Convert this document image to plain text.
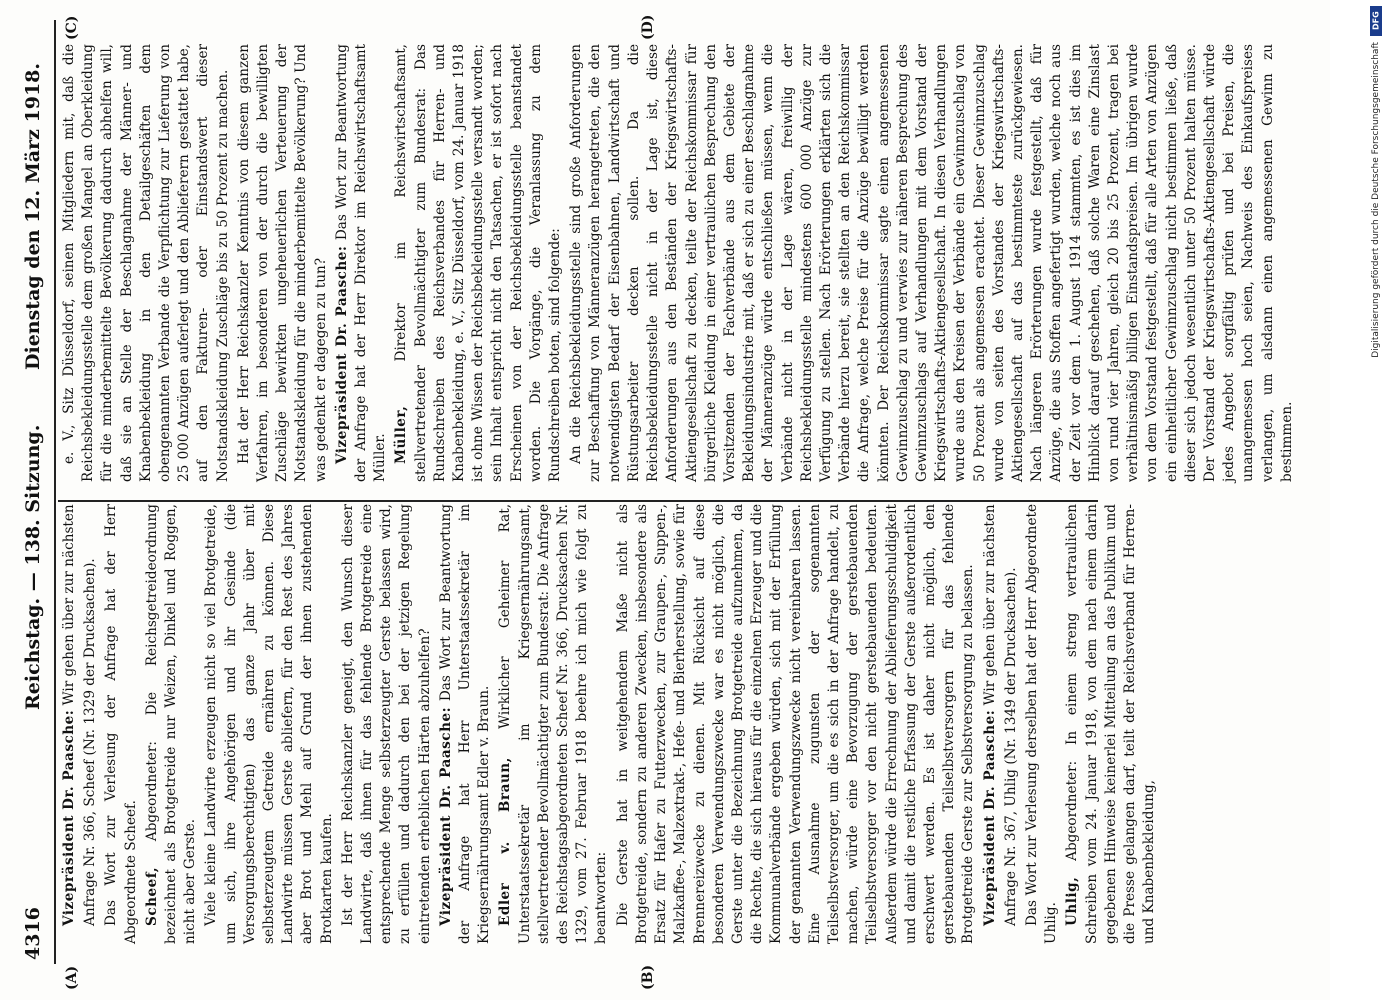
4316
Reichstag. — 138. Sitzung.
Dienstag den 12. März 1918.
(A)	(B)
(C)	(D)

Vizepräsident Dr. Paasche: Wir gehen über zur nächsten Anfrage Nr. 366, Scheef (Nr. 1329 der Drucksachen). Das Wort zur Verlesung der Anfrage hat der Herr Abgeordnete Scheef. Scheef, Abgeordneter: Die Reichsgetreideordnung bezeichnet als Brotgetreide nur Weizen, Dinkel und Roggen, nicht aber Gerste. Viele kleine Landwirte erzeugen nicht so viel Brotgetreide, um sich, ihre Angehörigen und ihr Gesinde (die Versorgungsberechtigten) das ganze Jahr über mit selbsterzeugtem Getreide ernähren zu können. Diese Landwirte müssen Gerste abliefern, für den Rest des Jahres aber Brot und Mehl auf Grund der ihnen zustehenden Brotkarten kaufen. Ist der Herr Reichskanzler geneigt, den Wunsch dieser Landwirte, daß ihnen für das fehlende Brotgetreide eine entsprechende Menge selbsterzeugter Gerste belassen wird, zu erfüllen und dadurch den bei der jetzigen Regelung eintretenden erheblichen Härten abzuhelfen? Vizepräsident Dr. Paasche: Das Wort zur Beantwortung der Anfrage hat Herr Unterstaatssekretär im Kriegsernährungsamt Edler v. Braun. Edler v. Braun, Wirklicher Geheimer Rat, Unterstaatssekretär im Kriegsernährungsamt, stellvertretender Bevollmächtigter zum Bundesrat: Die Anfrage des Reichstagsabgeordneten Scheef Nr. 366, Drucksachen Nr. 1329, vom 27. Februar 1918 beehre ich mich wie folgt zu beantworten: Die Gerste hat in weitgehendem Maße nicht als Brotgetreide, sondern zu anderen Zwecken, insbesondere als Ersatz für Hafer zu Futterzwecken, zur Graupen-, Suppen-, Malzkaffee-, Malzextrakt-, Hefe- und Bierherstellung, sowie für Brennereizwecke zu dienen. Mit Rücksicht auf diese besonderen Verwendungszwecke war es nicht möglich, die Gerste unter die Bezeichnung Brotgetreide aufzunehmen, da die Rechte, die sich hieraus für die einzelnen Erzeuger und die Kommunalverbände ergeben würden, sich mit der Erfüllung der genannten Verwendungszwecke nicht vereinbaren lassen. Eine Ausnahme zugunsten der sogenannten Teilselbstversorger, um die es sich in der Anfrage handelt, zu machen, würde eine Bevorzugung der gerstebauenden Teilselbstversorger vor den nicht gerstebauenden bedeuten. Außerdem würde die Errechnung der Ablieferungsschuldigkeit und damit die restliche Erfassung der Gerste außerordentlich erschwert werden. Es ist daher nicht möglich, den gerstebauenden Teilselbstversorgern für das fehlende Brotgetreide Gerste zur Selbstversorgung zu belassen. Vizepräsident Dr. Paasche: Wir gehen über zur nächsten Anfrage Nr. 367, Uhlig (Nr. 1349 der Drucksachen). Das Wort zur Verlesung derselben hat der Herr Abgeordnete Uhlig. Uhlig, Abgeordneter: In einem streng vertraulichen Schreiben vom 24. Januar 1918, von dem nach einem darin gegebenen Hinweise keinerlei Mitteilung an das Publikum und die Presse gelangen darf, teilt der Reichsverband für Herren- und Knabenbekleidung,

e. V., Sitz Düsseldorf, seinen Mitgliedern mit, daß die Reichsbekleidungsstelle dem großen Mangel an Oberkleidung für die minderbemittelte Bevölkerung dadurch abhelfen will, daß sie an Stelle der Beschlagnahme der Männer- und Knabenbekleidung in den Detailgeschäften dem obengenannten Verbande die Verpflichtung zur Lieferung von 25 000 Anzügen auferlegt und den Ablieferern gestattet habe, auf den Fakturen- oder Einstandswert dieser Notstandskleidung Zuschläge bis zu 50 Prozent zu machen. Hat der Herr Reichskanzler Kenntnis von diesem ganzen Verfahren, im besonderen von der durch die bewilligten Zuschläge bewirkten ungeheuerlichen Verteuerung der Notstandskleidung für die minderbemittelte Bevölkerung? Und was gedenkt er dagegen zu tun? Vizepräsident Dr. Paasche: Das Wort zur Beantwortung der Anfrage hat der Herr Direktor im Reichswirtschaftsamt Müller. Müller, Direktor im Reichswirtschaftsamt, stellvertretender Bevollmächtigter zum Bundesrat: Das Rundschreiben des Reichsverbandes für Herren- und Knabenbekleidung, e. V., Sitz Düsseldorf, vom 24. Januar 1918 ist ohne Wissen der Reichsbekleidungsstelle versandt worden; sein Inhalt entspricht nicht den Tatsachen, er ist sofort nach Erscheinen von der Reichsbekleidungsstelle beanstandet worden. Die Vorgänge, die Veranlassung zu dem Rundschreiben boten, sind folgende: An die Reichsbekleidungsstelle sind große Anforderungen zur Beschaffung von Männeranzügen herangetreten, die den notwendigsten Bedarf der Eisenbahnen, Landwirtschaft und Rüstungsarbeiter decken sollen. Da die Reichsbekleidungsstelle nicht in der Lage ist, diese Anforderungen aus den Beständen der Kriegswirtschafts-Aktiengesellschaft zu decken, teilte der Reichskommissar für bürgerliche Kleidung in einer vertraulichen Besprechung den Vorsitzenden der Fachverbände aus dem Gebiete der Bekleidungsindustrie mit, daß er sich zu einer Beschlagnahme der Männeranzüge würde entschließen müssen, wenn die Verbände nicht in der Lage wären, freiwillig der Reichsbekleidungsstelle mindestens 600 000 Anzüge zur Verfügung zu stellen. Nach Erörterungen erklärten sich die Verbände hierzu bereit, sie stellten an den Reichskommissar die Anfrage, welche Preise für die Anzüge bewilligt werden könnten. Der Reichskommissar sagte einen angemessenen Gewinnzuschlag zu und verwies zur näheren Besprechung des Gewinnzuschlags auf Verhandlungen mit dem Vorstand der Kriegswirtschafts-Aktiengesellschaft. In diesen Verhandlungen wurde aus den Kreisen der Verbände ein Gewinnzuschlag von 50 Prozent als angemessen erachtet. Dieser Gewinnzuschlag wurde von seiten des Vorstandes der Kriegswirtschafts-Aktiengesellschaft auf das bestimmteste zurückgewiesen. Nach längeren Erörterungen wurde festgestellt, daß für Anzüge, die aus Stoffen angefertigt wurden, welche noch aus der Zeit vor dem 1. August 1914 stammten, es ist dies im Hinblick darauf geschehen, daß solche Waren eine Zinslast von rund vier Jahren, gleich 20 bis 25 Prozent, tragen bei verhältnismäßig billigen Einstandspreisen. Im übrigen wurde von dem Vorstand festgestellt, daß für alle Arten von Anzügen ein einheitlicher Gewinnzuschlag nicht bestimmen ließe, daß dieser sich jedoch wesentlich unter 50 Prozent halten müsse. Der Vorstand der Kriegswirtschafts-Aktiengesellschaft würde jedes Angebot sorgfältig prüfen und bei Preisen, die unangemessen hoch seien, Nachweis des Einkaufspreises verlangen, um alsdann einen angemessenen Gewinn zu bestimmen.

DFG
Digitalisierung gefördert durch die Deutsche Forschungsgemeinschaft
